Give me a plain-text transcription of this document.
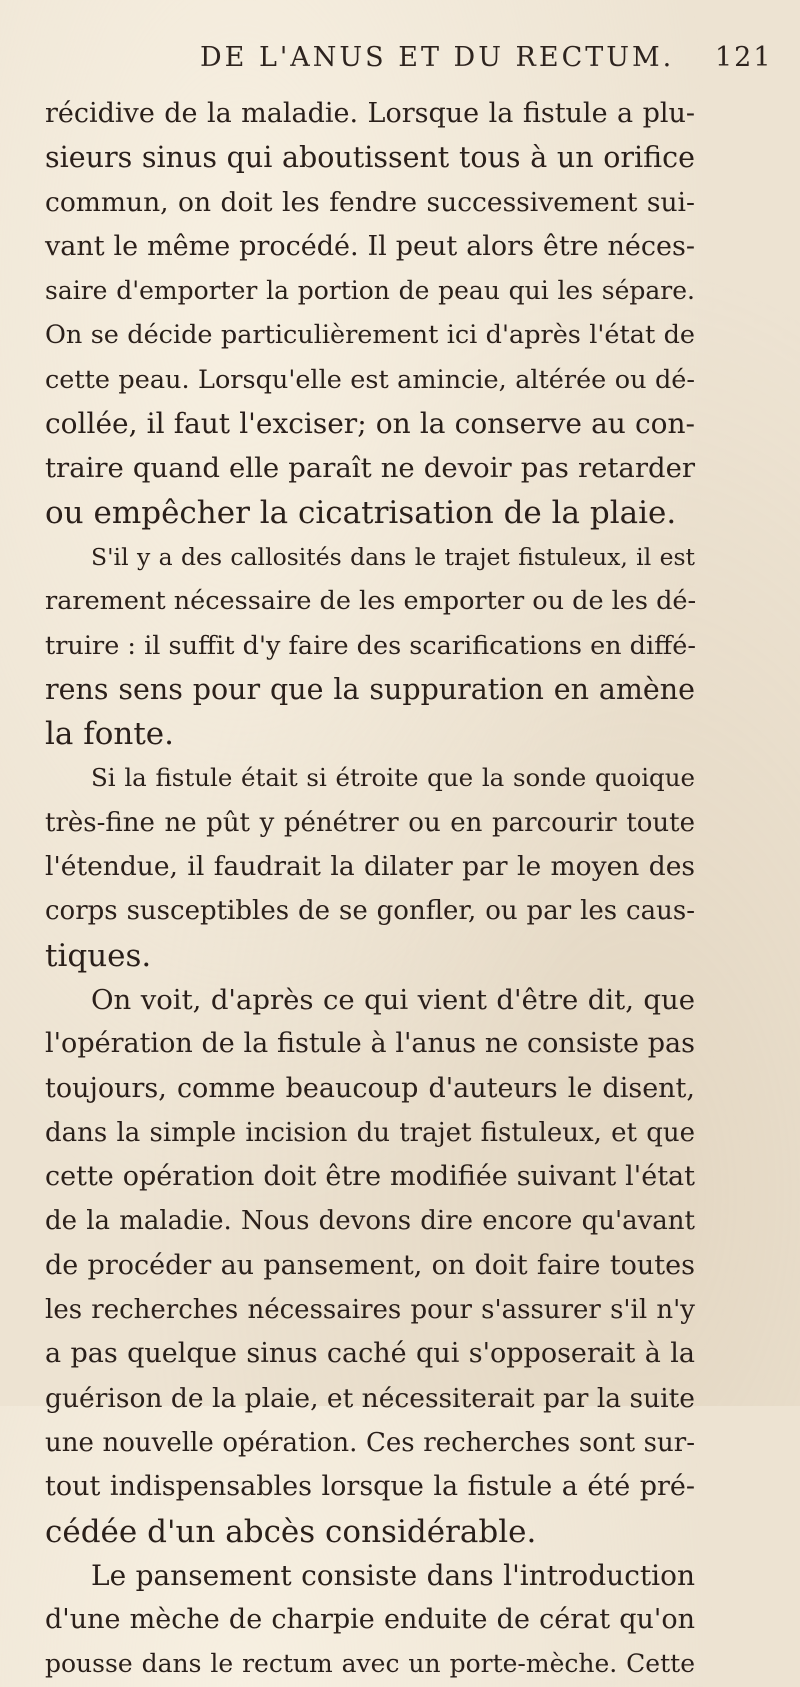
DE L'ANUS ET DU RECTUM. 121
récidive de la maladie. Lorsque la fistule a plu-
sieurs sinus qui aboutissent tous à un orifice
commun, on doit les fendre successivement sui-
vant le même procédé. Il peut alors être néces-
saire d'emporter la portion de peau qui les sépare.
On se décide particulièrement ici d'après l'état de
cette peau. Lorsqu'elle est amincie, altérée ou dé-
collée, il faut l'exciser; on la conserve au con-
traire quand elle paraît ne devoir pas retarder
ou empêcher la cicatrisation de la plaie.
S'il y a des callosités dans le trajet fistuleux, il est
rarement nécessaire de les emporter ou de les dé-
truire : il suffit d'y faire des scarifications en diffé-
rens sens pour que la suppuration en amène
la fonte.
Si la fistule était si étroite que la sonde quoique
très-fine ne pût y pénétrer ou en parcourir toute
l'étendue, il faudrait la dilater par le moyen des
corps susceptibles de se gonfler, ou par les caus-
tiques.
On voit, d'après ce qui vient d'être dit, que
l'opération de la fistule à l'anus ne consiste pas
toujours, comme beaucoup d'auteurs le disent,
dans la simple incision du trajet fistuleux, et que
cette opération doit être modifiée suivant l'état
de la maladie. Nous devons dire encore qu'avant
de procéder au pansement, on doit faire toutes
les recherches nécessaires pour s'assurer s'il n'y
a pas quelque sinus caché qui s'opposerait à la
guérison de la plaie, et nécessiterait par la suite
une nouvelle opération. Ces recherches sont sur-
tout indispensables lorsque la fistule a été pré-
cédée d'un abcès considérable.
Le pansement consiste dans l'introduction
d'une mèche de charpie enduite de cérat qu'on
pousse dans le rectum avec un porte-mèche. Cette
